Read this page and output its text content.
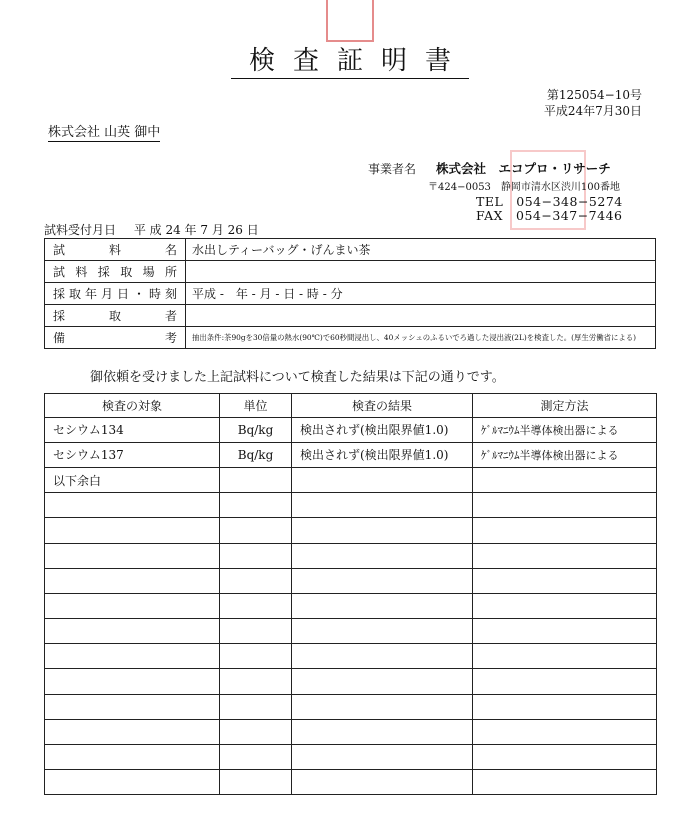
検査証明書
第125054−10号
平成24年7月30日
株式会社 山英 御中
事業者名 株式会社　エコプロ・リサーチ
〒424−0053　静岡市清水区渋川100番地
TEL　054−348−5274
FAX　054−347−7446
試料受付月日 平 成 24 年 7 月 26 日
試 料 名	水出しティーバッグ・げんまい茶
試料採取場所	
採取年月日・時刻	平成 -　年 - 月 - 日 - 時 - 分
採 取 者	
備 考	抽出条件:茶90gを30倍量の熱水(90℃)で60秒間浸出し、40メッシュのふるいでろ過した浸出液(2L)を検査した。(厚生労働省による)
御依頼を受けました上記試料について検査した結果は下記の通りです。
検査の対象	単位	検査の結果	測定方法
セシウム134	Bq/kg	検出されず(検出限界値1.0)	ｹﾞﾙﾏﾆｳﾑ半導体検出器による
セシウム137	Bq/kg	検出されず(検出限界値1.0)	ｹﾞﾙﾏﾆｳﾑ半導体検出器による
以下余白			
